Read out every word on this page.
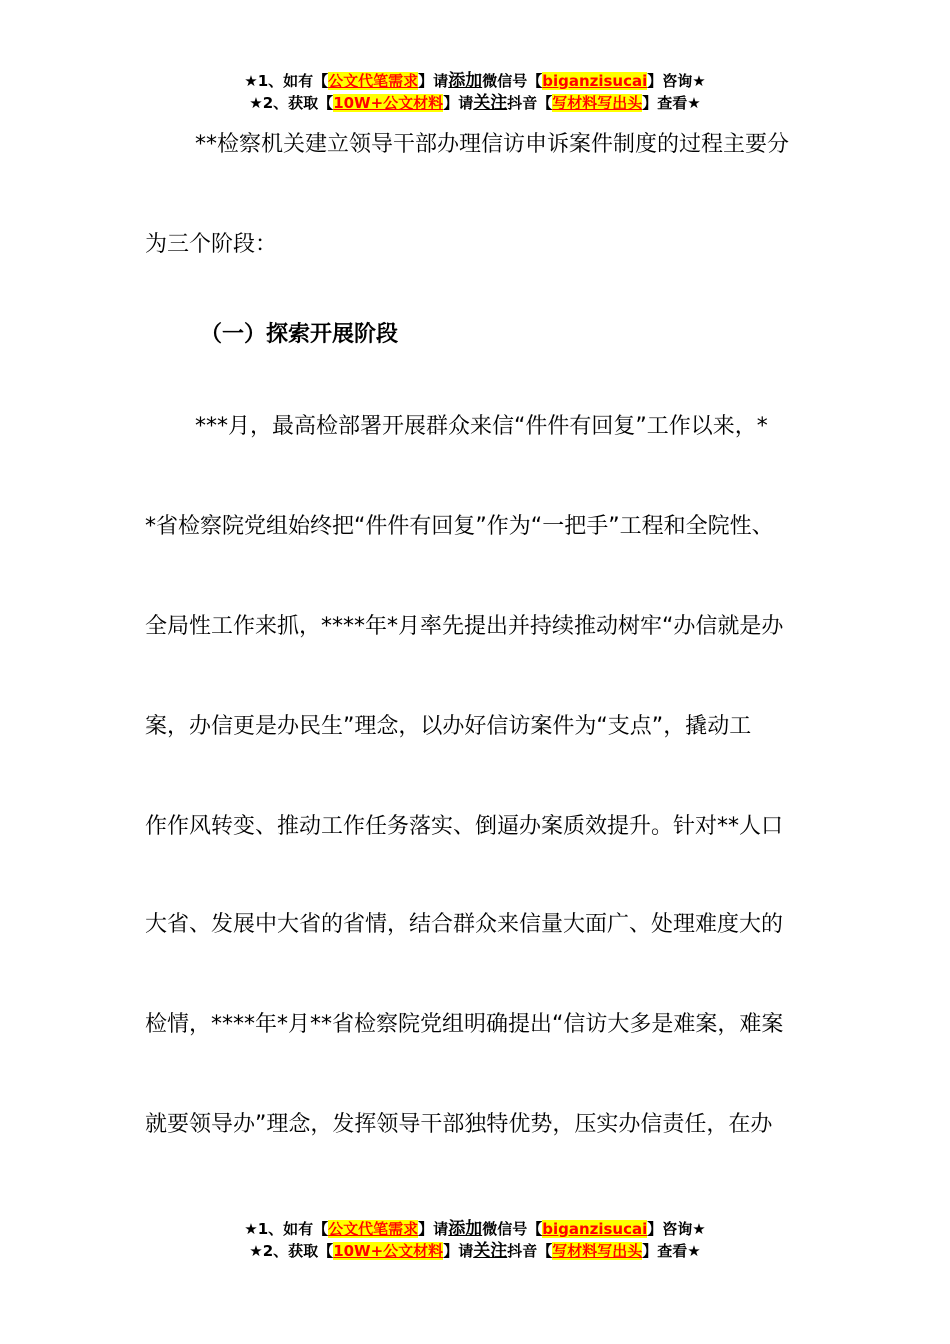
★1、如有【公文代笔需求】请添加微信号【biganzisucai】咨询★
★2、获取【10W+公文材料】请关注抖音【写材料写出头】查看★
**检察机关建立领导干部办理信访申诉案件制度的过程主要分
为三个阶段：
（一）探索开展阶段
***月，最高检部署开展群众来信“件件有回复”工作以来，*
*省检察院党组始终把“件件有回复”作为“一把手”工程和全院性、
全局性工作来抓，****年*月率先提出并持续推动树牢“办信就是办
案，办信更是办民生”理念，以办好信访案件为“支点”，撬动工
作作风转变、推动工作任务落实、倒逼办案质效提升。针对**人口
大省、发展中大省的省情，结合群众来信量大面广、处理难度大的
检情，****年*月**省检察院党组明确提出“信访大多是难案，难案
就要领导办”理念，发挥领导干部独特优势，压实办信责任，在办
★1、如有【公文代笔需求】请添加微信号【biganzisucai】咨询★
★2、获取【10W+公文材料】请关注抖音【写材料写出头】查看★
